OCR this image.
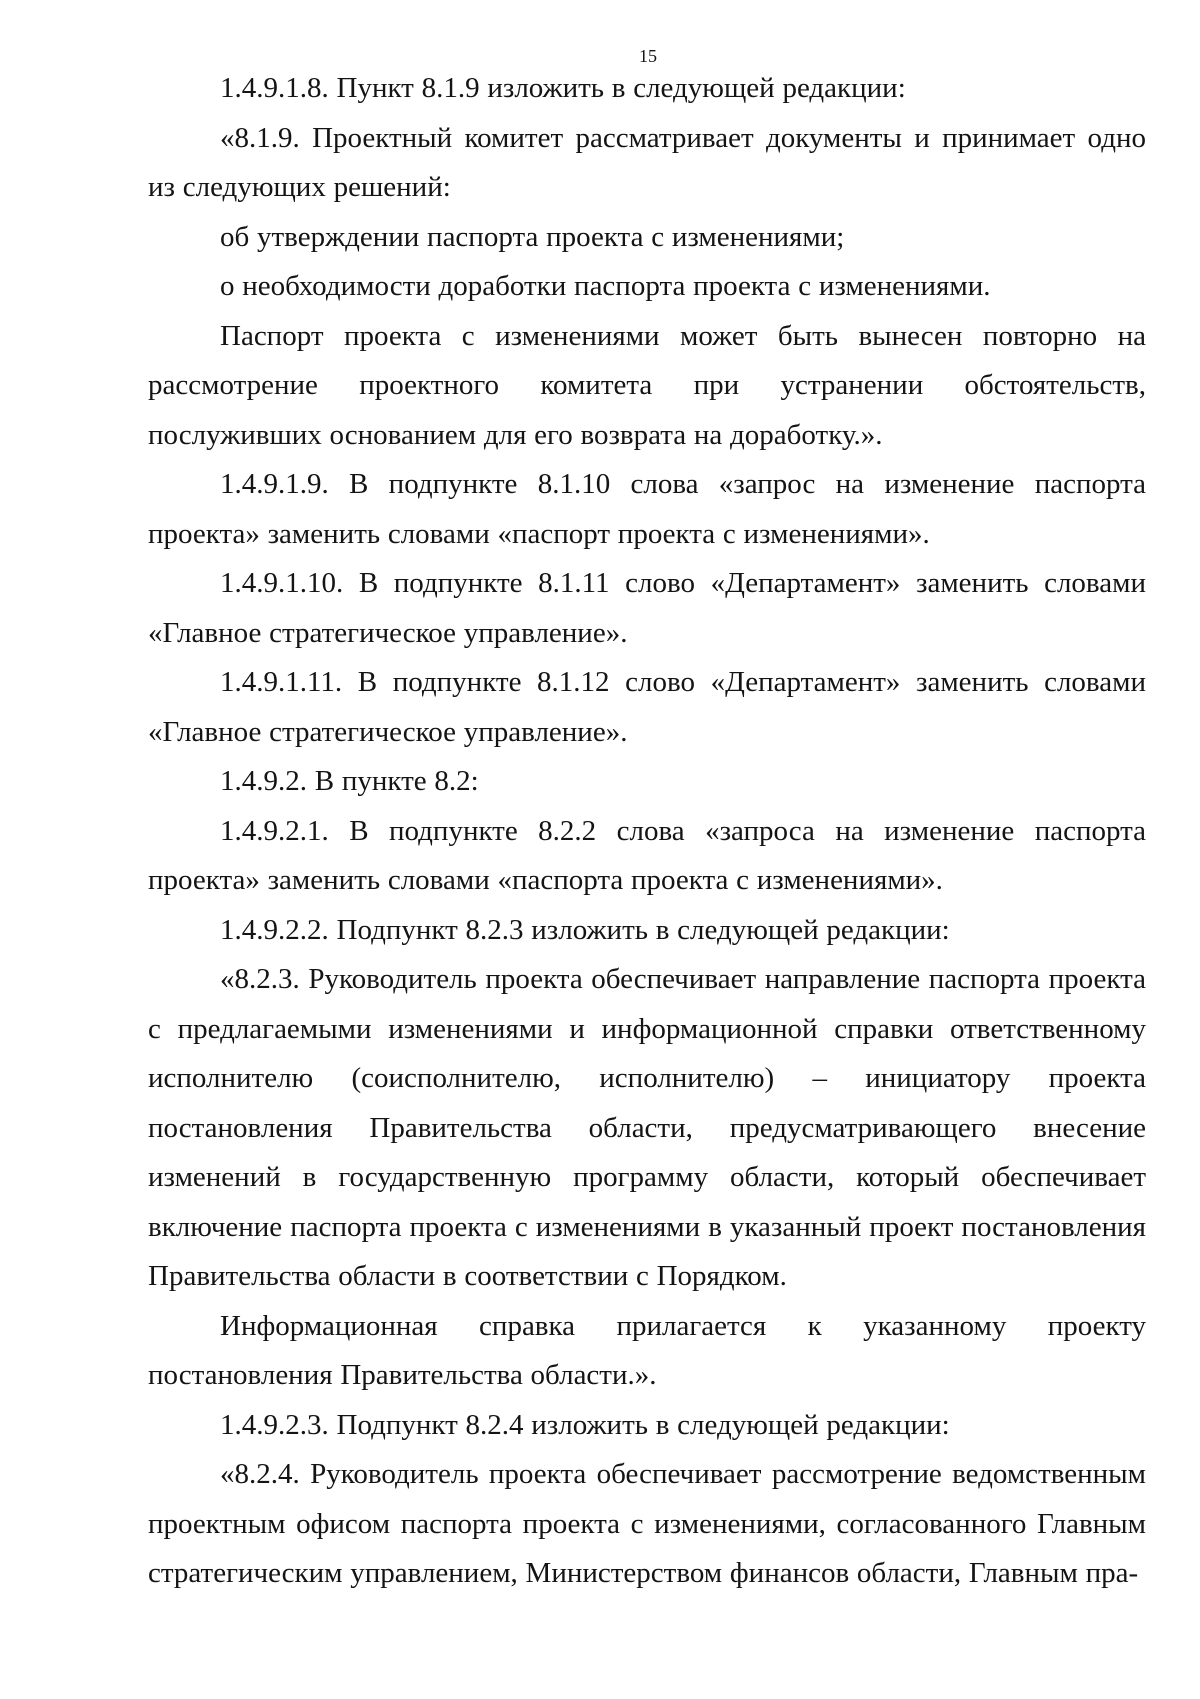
15

1.4.9.1.8. Пункт 8.1.9 изложить в следующей редакции:

«8.1.9. Проектный комитет рассматривает документы и принимает одно из следующих решений:

об утверждении паспорта проекта с изменениями;

о необходимости доработки паспорта проекта с изменениями.

Паспорт проекта с изменениями может быть вынесен повторно на рассмотрение проектного комитета при устранении обстоятельств, послуживших основанием для его возврата на доработку.».

1.4.9.1.9. В подпункте 8.1.10 слова «запрос на изменение паспорта проекта» заменить словами «паспорт проекта с изменениями».

1.4.9.1.10. В подпункте 8.1.11 слово «Департамент» заменить словами «Главное стратегическое управление».

1.4.9.1.11. В подпункте 8.1.12 слово «Департамент» заменить словами «Главное стратегическое управление».

1.4.9.2. В пункте 8.2:

1.4.9.2.1. В подпункте 8.2.2 слова «запроса на изменение паспорта проекта» заменить словами «паспорта проекта с изменениями».

1.4.9.2.2. Подпункт 8.2.3 изложить в следующей редакции:

«8.2.3. Руководитель проекта обеспечивает направление паспорта проекта с предлагаемыми изменениями и информационной справки ответственному исполнителю (соисполнителю, исполнителю) – инициатору проекта постановления Правительства области, предусматривающего внесение изменений в государственную программу области, который обеспечивает включение паспорта проекта с изменениями в указанный проект постановления Правительства области в соответствии с Порядком.

Информационная справка прилагается к указанному проекту постановления Правительства области.».

1.4.9.2.3. Подпункт 8.2.4 изложить в следующей редакции:

«8.2.4. Руководитель проекта обеспечивает рассмотрение ведомственным проектным офисом паспорта проекта с изменениями, согласованного Главным стратегическим управлением, Министерством финансов области, Главным пра-
